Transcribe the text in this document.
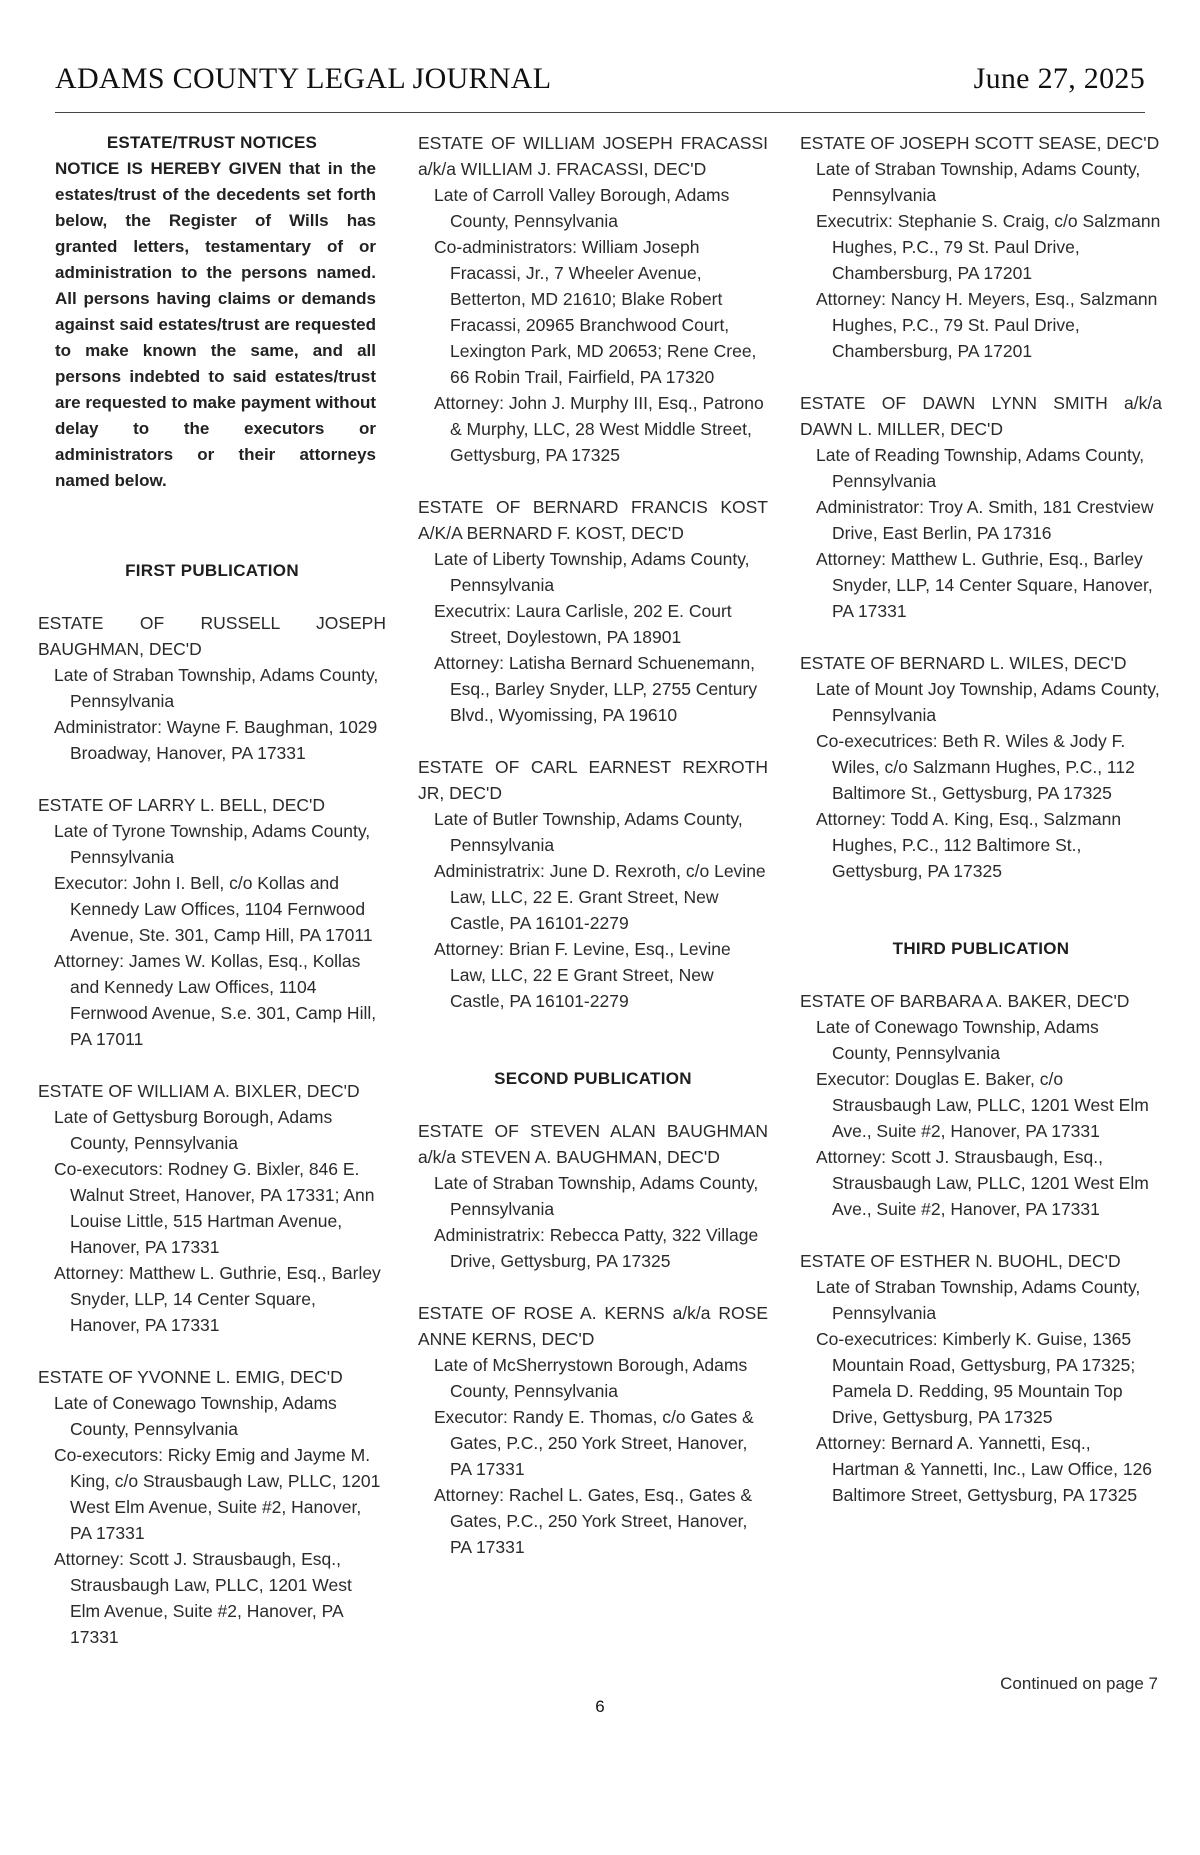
ADAMS COUNTY LEGAL JOURNAL	June 27, 2025
ESTATE/TRUST NOTICES
NOTICE IS HEREBY GIVEN that in the estates/trust of the decedents set forth below, the Register of Wills has granted letters, testamentary of or administration to the persons named. All persons having claims or demands against said estates/trust are requested to make known the same, and all persons indebted to said estates/trust are requested to make payment without delay to the executors or administrators or their attorneys named below.
FIRST PUBLICATION
ESTATE OF RUSSELL JOSEPH BAUGHMAN, DEC'D
Late of Straban Township, Adams County, Pennsylvania
Administrator: Wayne F. Baughman, 1029 Broadway, Hanover, PA 17331
ESTATE OF LARRY L. BELL, DEC'D
Late of Tyrone Township, Adams County, Pennsylvania
Executor: John I. Bell, c/o Kollas and Kennedy Law Offices, 1104 Fernwood Avenue, Ste. 301, Camp Hill, PA 17011
Attorney: James W. Kollas, Esq., Kollas and Kennedy Law Offices, 1104 Fernwood Avenue, S.e. 301, Camp Hill, PA 17011
ESTATE OF WILLIAM A. BIXLER, DEC'D
Late of Gettysburg Borough, Adams County, Pennsylvania
Co-executors: Rodney G. Bixler, 846 E. Walnut Street, Hanover, PA 17331; Ann Louise Little, 515 Hartman Avenue, Hanover, PA 17331
Attorney: Matthew L. Guthrie, Esq., Barley Snyder, LLP, 14 Center Square, Hanover, PA 17331
ESTATE OF YVONNE L. EMIG, DEC'D
Late of Conewago Township, Adams County, Pennsylvania
Co-executors: Ricky Emig and Jayme M. King, c/o Strausbaugh Law, PLLC, 1201 West Elm Avenue, Suite #2, Hanover, PA 17331
Attorney: Scott J. Strausbaugh, Esq., Strausbaugh Law, PLLC, 1201 West Elm Avenue, Suite #2, Hanover, PA 17331
ESTATE OF WILLIAM JOSEPH FRACASSI a/k/a WILLIAM J. FRACASSI, DEC'D
Late of Carroll Valley Borough, Adams County, Pennsylvania
Co-administrators: William Joseph Fracassi, Jr., 7 Wheeler Avenue, Betterton, MD 21610; Blake Robert Fracassi, 20965 Branchwood Court, Lexington Park, MD 20653; Rene Cree, 66 Robin Trail, Fairfield, PA 17320
Attorney: John J. Murphy III, Esq., Patrono & Murphy, LLC, 28 West Middle Street, Gettysburg, PA 17325
ESTATE OF BERNARD FRANCIS KOST A/K/A BERNARD F. KOST, DEC'D
Late of Liberty Township, Adams County, Pennsylvania
Executrix: Laura Carlisle, 202 E. Court Street, Doylestown, PA 18901
Attorney: Latisha Bernard Schuenemann, Esq., Barley Snyder, LLP, 2755 Century Blvd., Wyomissing, PA 19610
ESTATE OF CARL EARNEST REXROTH JR, DEC'D
Late of Butler Township, Adams County, Pennsylvania
Administratrix: June D. Rexroth, c/o Levine Law, LLC, 22 E. Grant Street, New Castle, PA 16101-2279
Attorney: Brian F. Levine, Esq., Levine Law, LLC, 22 E Grant Street, New Castle, PA 16101-2279
SECOND PUBLICATION
ESTATE OF STEVEN ALAN BAUGHMAN a/k/a STEVEN A. BAUGHMAN, DEC'D
Late of Straban Township, Adams County, Pennsylvania
Administratrix: Rebecca Patty, 322 Village Drive, Gettysburg, PA 17325
ESTATE OF ROSE A. KERNS a/k/a ROSE ANNE KERNS, DEC'D
Late of McSherrystown Borough, Adams County, Pennsylvania
Executor: Randy E. Thomas, c/o Gates & Gates, P.C., 250 York Street, Hanover, PA 17331
Attorney: Rachel L. Gates, Esq., Gates & Gates, P.C., 250 York Street, Hanover, PA 17331
ESTATE OF JOSEPH SCOTT SEASE, DEC'D
Late of Straban Township, Adams County, Pennsylvania
Executrix: Stephanie S. Craig, c/o Salzmann Hughes, P.C., 79 St. Paul Drive, Chambersburg, PA 17201
Attorney: Nancy H. Meyers, Esq., Salzmann Hughes, P.C., 79 St. Paul Drive, Chambersburg, PA 17201
ESTATE OF DAWN LYNN SMITH a/k/a DAWN L. MILLER, DEC'D
Late of Reading Township, Adams County, Pennsylvania
Administrator: Troy A. Smith, 181 Crestview Drive, East Berlin, PA 17316
Attorney: Matthew L. Guthrie, Esq., Barley Snyder, LLP, 14 Center Square, Hanover, PA 17331
ESTATE OF BERNARD L. WILES, DEC'D
Late of Mount Joy Township, Adams County, Pennsylvania
Co-executrices: Beth R. Wiles & Jody F. Wiles, c/o Salzmann Hughes, P.C., 112 Baltimore St., Gettysburg, PA 17325
Attorney: Todd A. King, Esq., Salzmann Hughes, P.C., 112 Baltimore St., Gettysburg, PA 17325
THIRD PUBLICATION
ESTATE OF BARBARA A. BAKER, DEC'D
Late of Conewago Township, Adams County, Pennsylvania
Executor: Douglas E. Baker, c/o Strausbaugh Law, PLLC, 1201 West Elm Ave., Suite #2, Hanover, PA 17331
Attorney: Scott J. Strausbaugh, Esq., Strausbaugh Law, PLLC, 1201 West Elm Ave., Suite #2, Hanover, PA 17331
ESTATE OF ESTHER N. BUOHL, DEC'D
Late of Straban Township, Adams County, Pennsylvania
Co-executrices: Kimberly K. Guise, 1365 Mountain Road, Gettysburg, PA 17325; Pamela D. Redding, 95 Mountain Top Drive, Gettysburg, PA 17325
Attorney: Bernard A. Yannetti, Esq., Hartman & Yannetti, Inc., Law Office, 126 Baltimore Street, Gettysburg, PA 17325
Continued on page 7
6
